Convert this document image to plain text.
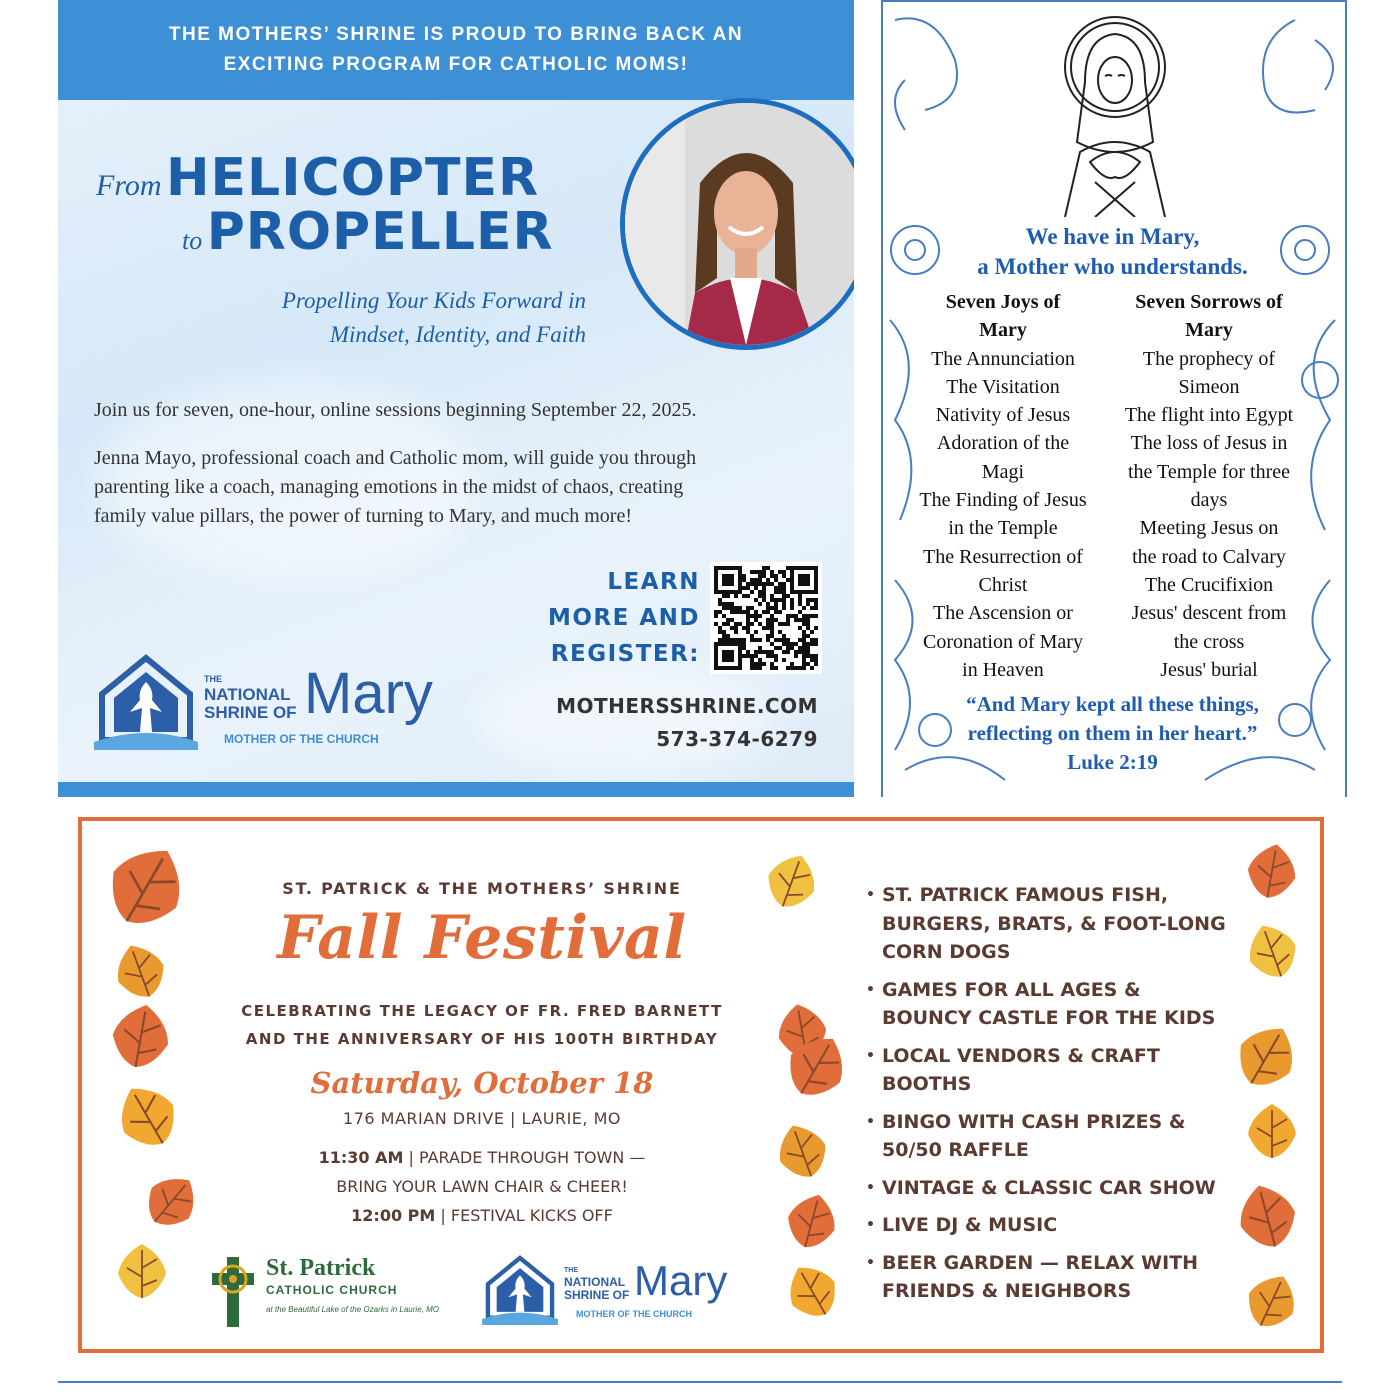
THE MOTHERS’ SHRINE IS PROUD TO BRING BACK AN
EXCITING PROGRAM FOR CATHOLIC MOMS!
From HELICOPTER
to PROPELLER
Propelling Your Kids Forward in
Mindset, Identity, and Faith
Join us for seven, one-hour, online sessions beginning September 22, 2025.
Jenna Mayo, professional coach and Catholic mom, will guide you through
parenting like a coach, managing emotions in the midst of chaos, creating
family value pillars, the power of turning to Mary, and much more!
LEARN
MORE AND
REGISTER:
MOTHERSSHRINE.COM
573-374-6279
THE
NATIONAL
SHRINE OF Mary
MOTHER OF THE CHURCH
We have in Mary,
a Mother who understands.
Seven Joys of
Mary
The Annunciation
The Visitation
Nativity of Jesus
Adoration of the
Magi
The Finding of Jesus
in the Temple
The Resurrection of
Christ
The Ascension or
Coronation of Mary
in Heaven
Seven Sorrows of
Mary
The prophecy of
Simeon
The flight into Egypt
The loss of Jesus in
the Temple for three
days
Meeting Jesus on
the road to Calvary
The Crucifixion
Jesus' descent from
the cross
Jesus' burial
“And Mary kept all these things,
reflecting on them in her heart.”
Luke 2:19
ST. PATRICK & THE MOTHERS’ SHRINE
Fall Festival
CELEBRATING THE LEGACY OF FR. FRED BARNETT
AND THE ANNIVERSARY OF HIS 100TH BIRTHDAY
Saturday, October 18
176 MARIAN DRIVE | LAURIE, MO
11:30 AM | PARADE THROUGH TOWN —
BRING YOUR LAWN CHAIR & CHEER!
12:00 PM | FESTIVAL KICKS OFF
St. Patrick
CATHOLIC CHURCH
at the Beautiful Lake of the Ozarks in Laurie, MO
THE
NATIONAL
SHRINE OF Mary
MOTHER OF THE CHURCH
• ST. PATRICK FAMOUS FISH,
BURGERS, BRATS, & FOOT-LONG
CORN DOGS
• GAMES FOR ALL AGES &
BOUNCY CASTLE FOR THE KIDS
• LOCAL VENDORS & CRAFT
BOOTHS
• BINGO WITH CASH PRIZES &
50/50 RAFFLE
• VINTAGE & CLASSIC CAR SHOW
• LIVE DJ & MUSIC
• BEER GARDEN — RELAX WITH
FRIENDS & NEIGHBORS
